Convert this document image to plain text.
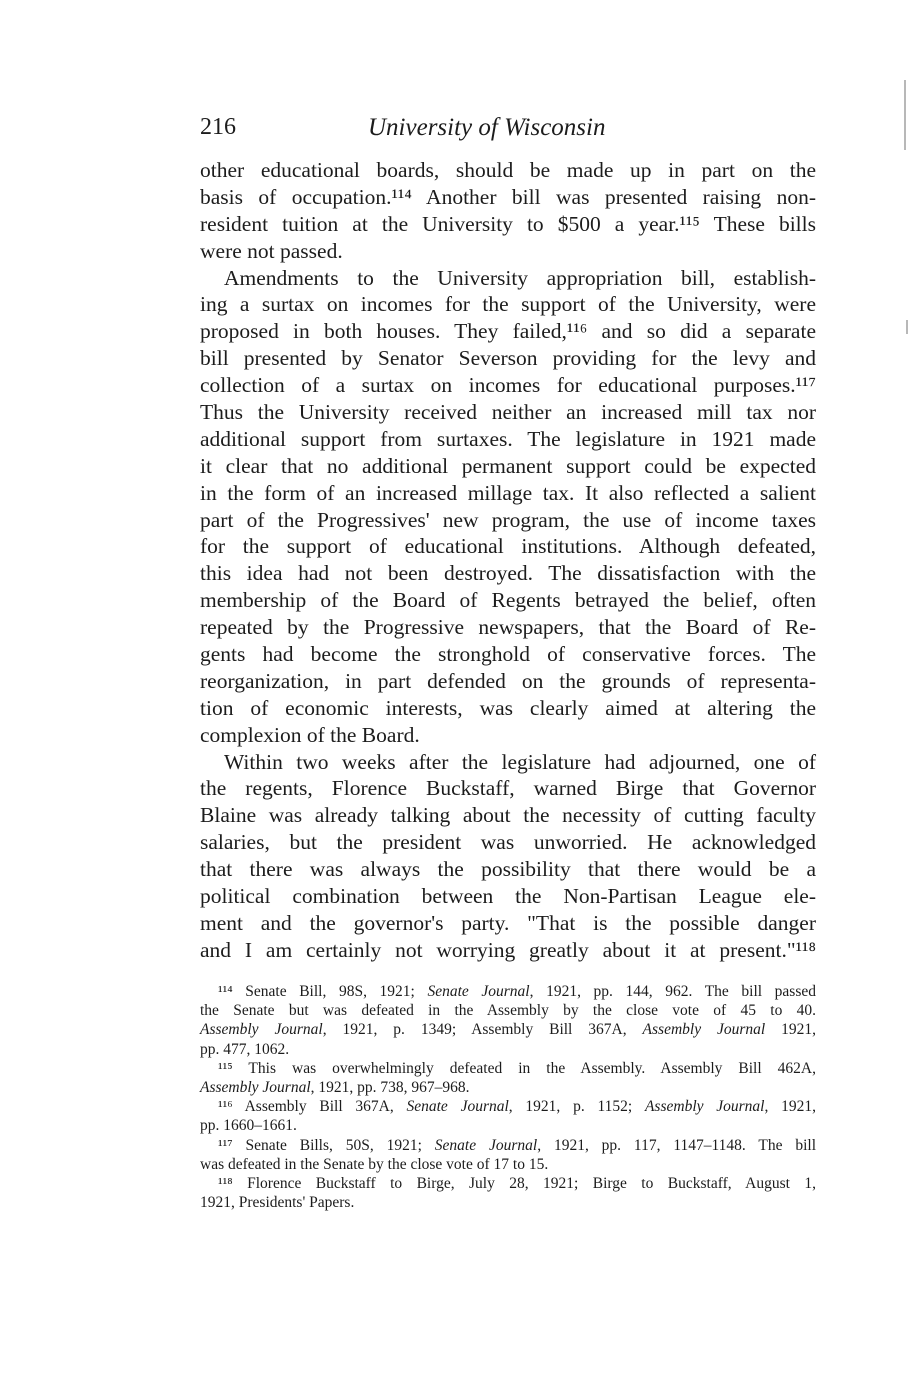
216	University of Wisconsin
other educational boards, should be made up in part on the
basis of occupation.¹¹⁴ Another bill was presented raising non-
resident tuition at the University to $500 a year.¹¹⁵ These bills
were not passed.
Amendments to the University appropriation bill, establish-
ing a surtax on incomes for the support of the University, were
proposed in both houses. They failed,¹¹⁶ and so did a separate
bill presented by Senator Severson providing for the levy and
collection of a surtax on incomes for educational purposes.¹¹⁷
Thus the University received neither an increased mill tax nor
additional support from surtaxes. The legislature in 1921 made
it clear that no additional permanent support could be expected
in the form of an increased millage tax. It also reflected a salient
part of the Progressives' new program, the use of income taxes
for the support of educational institutions. Although defeated,
this idea had not been destroyed. The dissatisfaction with the
membership of the Board of Regents betrayed the belief, often
repeated by the Progressive newspapers, that the Board of Re-
gents had become the stronghold of conservative forces. The
reorganization, in part defended on the grounds of representa-
tion of economic interests, was clearly aimed at altering the
complexion of the Board.
Within two weeks after the legislature had adjourned, one of
the regents, Florence Buckstaff, warned Birge that Governor
Blaine was already talking about the necessity of cutting faculty
salaries, but the president was unworried. He acknowledged
that there was always the possibility that there would be a
political combination between the Non-Partisan League ele-
ment and the governor's party. "That is the possible danger
and I am certainly not worrying greatly about it at present."¹¹⁸
¹¹⁴ Senate Bill, 98S, 1921; Senate Journal, 1921, pp. 144, 962. The bill passed
the Senate but was defeated in the Assembly by the close vote of 45 to 40.
Assembly Journal, 1921, p. 1349; Assembly Bill 367A, Assembly Journal 1921,
pp. 477, 1062.
¹¹⁵ This was overwhelmingly defeated in the Assembly. Assembly Bill 462A,
Assembly Journal, 1921, pp. 738, 967–968.
¹¹⁶ Assembly Bill 367A, Senate Journal, 1921, p. 1152; Assembly Journal, 1921,
pp. 1660–1661.
¹¹⁷ Senate Bills, 50S, 1921; Senate Journal, 1921, pp. 117, 1147–1148. The bill
was defeated in the Senate by the close vote of 17 to 15.
¹¹⁸ Florence Buckstaff to Birge, July 28, 1921; Birge to Buckstaff, August 1,
1921, Presidents' Papers.
